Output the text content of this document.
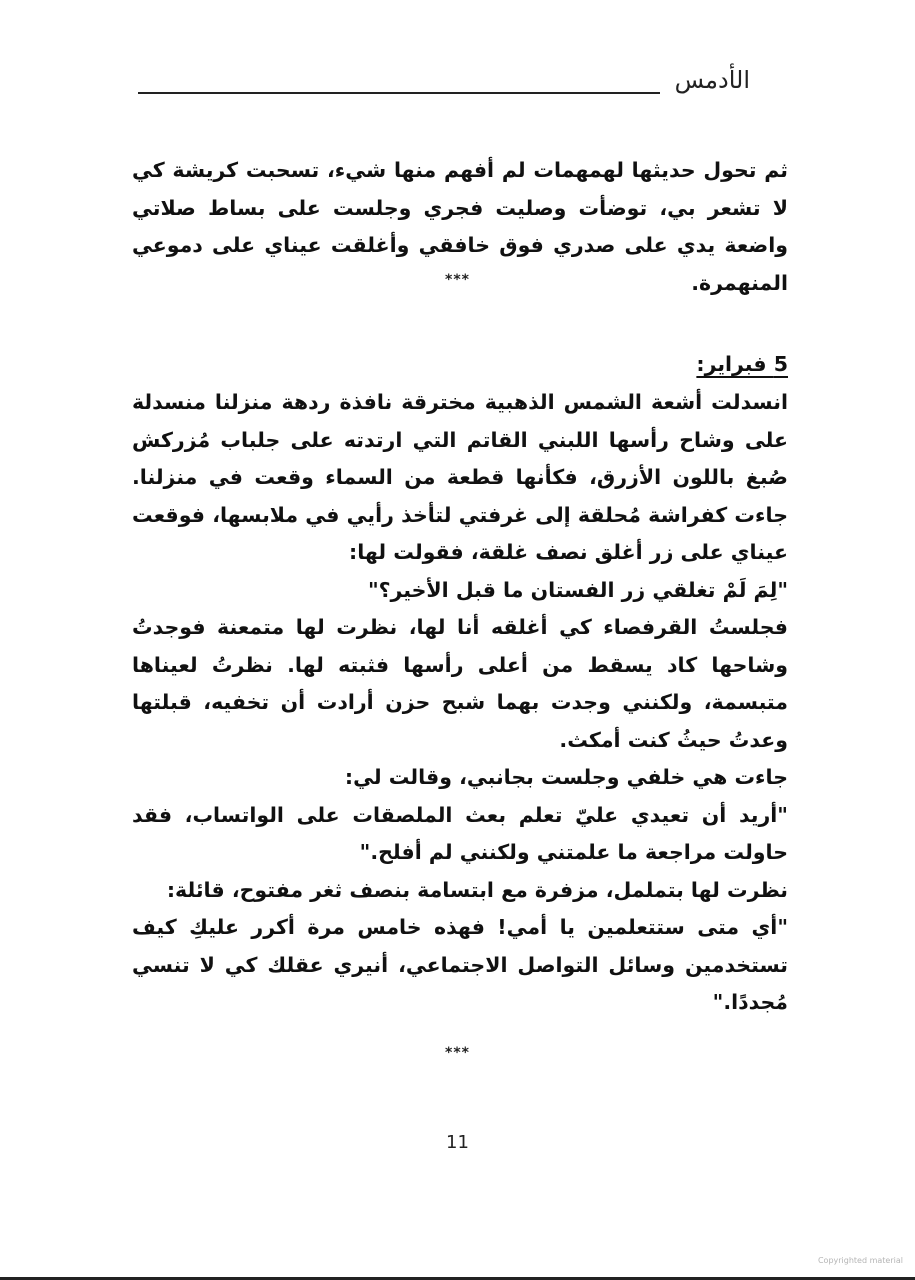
الأدمس

ثم تحول حديثها لهمهمات لم أفهم منها شيء، تسحبت كريشة كي لا تشعر بي، توضأت وصليت فجري وجلست على بساط صلاتي واضعة يدي على صدري فوق خافقي وأغلقت عيناي على دموعي المنهمرة.

***
5 فبراير:

انسدلت أشعة الشمس الذهبية مخترقة نافذة ردهة منزلنا منسدلة على وشاح رأسها اللبني القاتم التي ارتدته على جلباب مُزركش صُبغ باللون الأزرق، فكأنها قطعة من السماء وقعت في منزلنا. جاءت كفراشة مُحلقة إلى غرفتي لتأخذ رأيي في ملابسها، فوقعت عيناي على زر أغلق نصف غلقة، فقولت لها:

"لِمَ لَمْ تغلقي زر الفستان ما قبل الأخير؟"

فجلستُ القرفصاء كي أغلقه أنا لها، نظرت لها متمعنة فوجدتُ وشاحها كاد يسقط من أعلى رأسها فثبته لها. نظرتُ لعيناها متبسمة، ولكنني وجدت بهما شبح حزن أرادت أن تخفيه، قبلتها وعدتُ حيثُ كنت أمكث.

جاءت هي خلفي وجلست بجانبي، وقالت لي:

"أريد أن تعيدي عليّ تعلم بعث الملصقات على الواتساب، فقد حاولت مراجعة ما علمتني ولكنني لم أفلح."

نظرت لها بتململ، مزفرة مع ابتسامة بنصف ثغر مفتوح، قائلة:

"أي متى ستتعلمين يا أمي! فهذه خامس مرة أكرر عليكِ كيف تستخدمين وسائل التواصل الاجتماعي، أنيري عقلك كي لا تنسي مُجددًا."

***
11
Copyrighted material
